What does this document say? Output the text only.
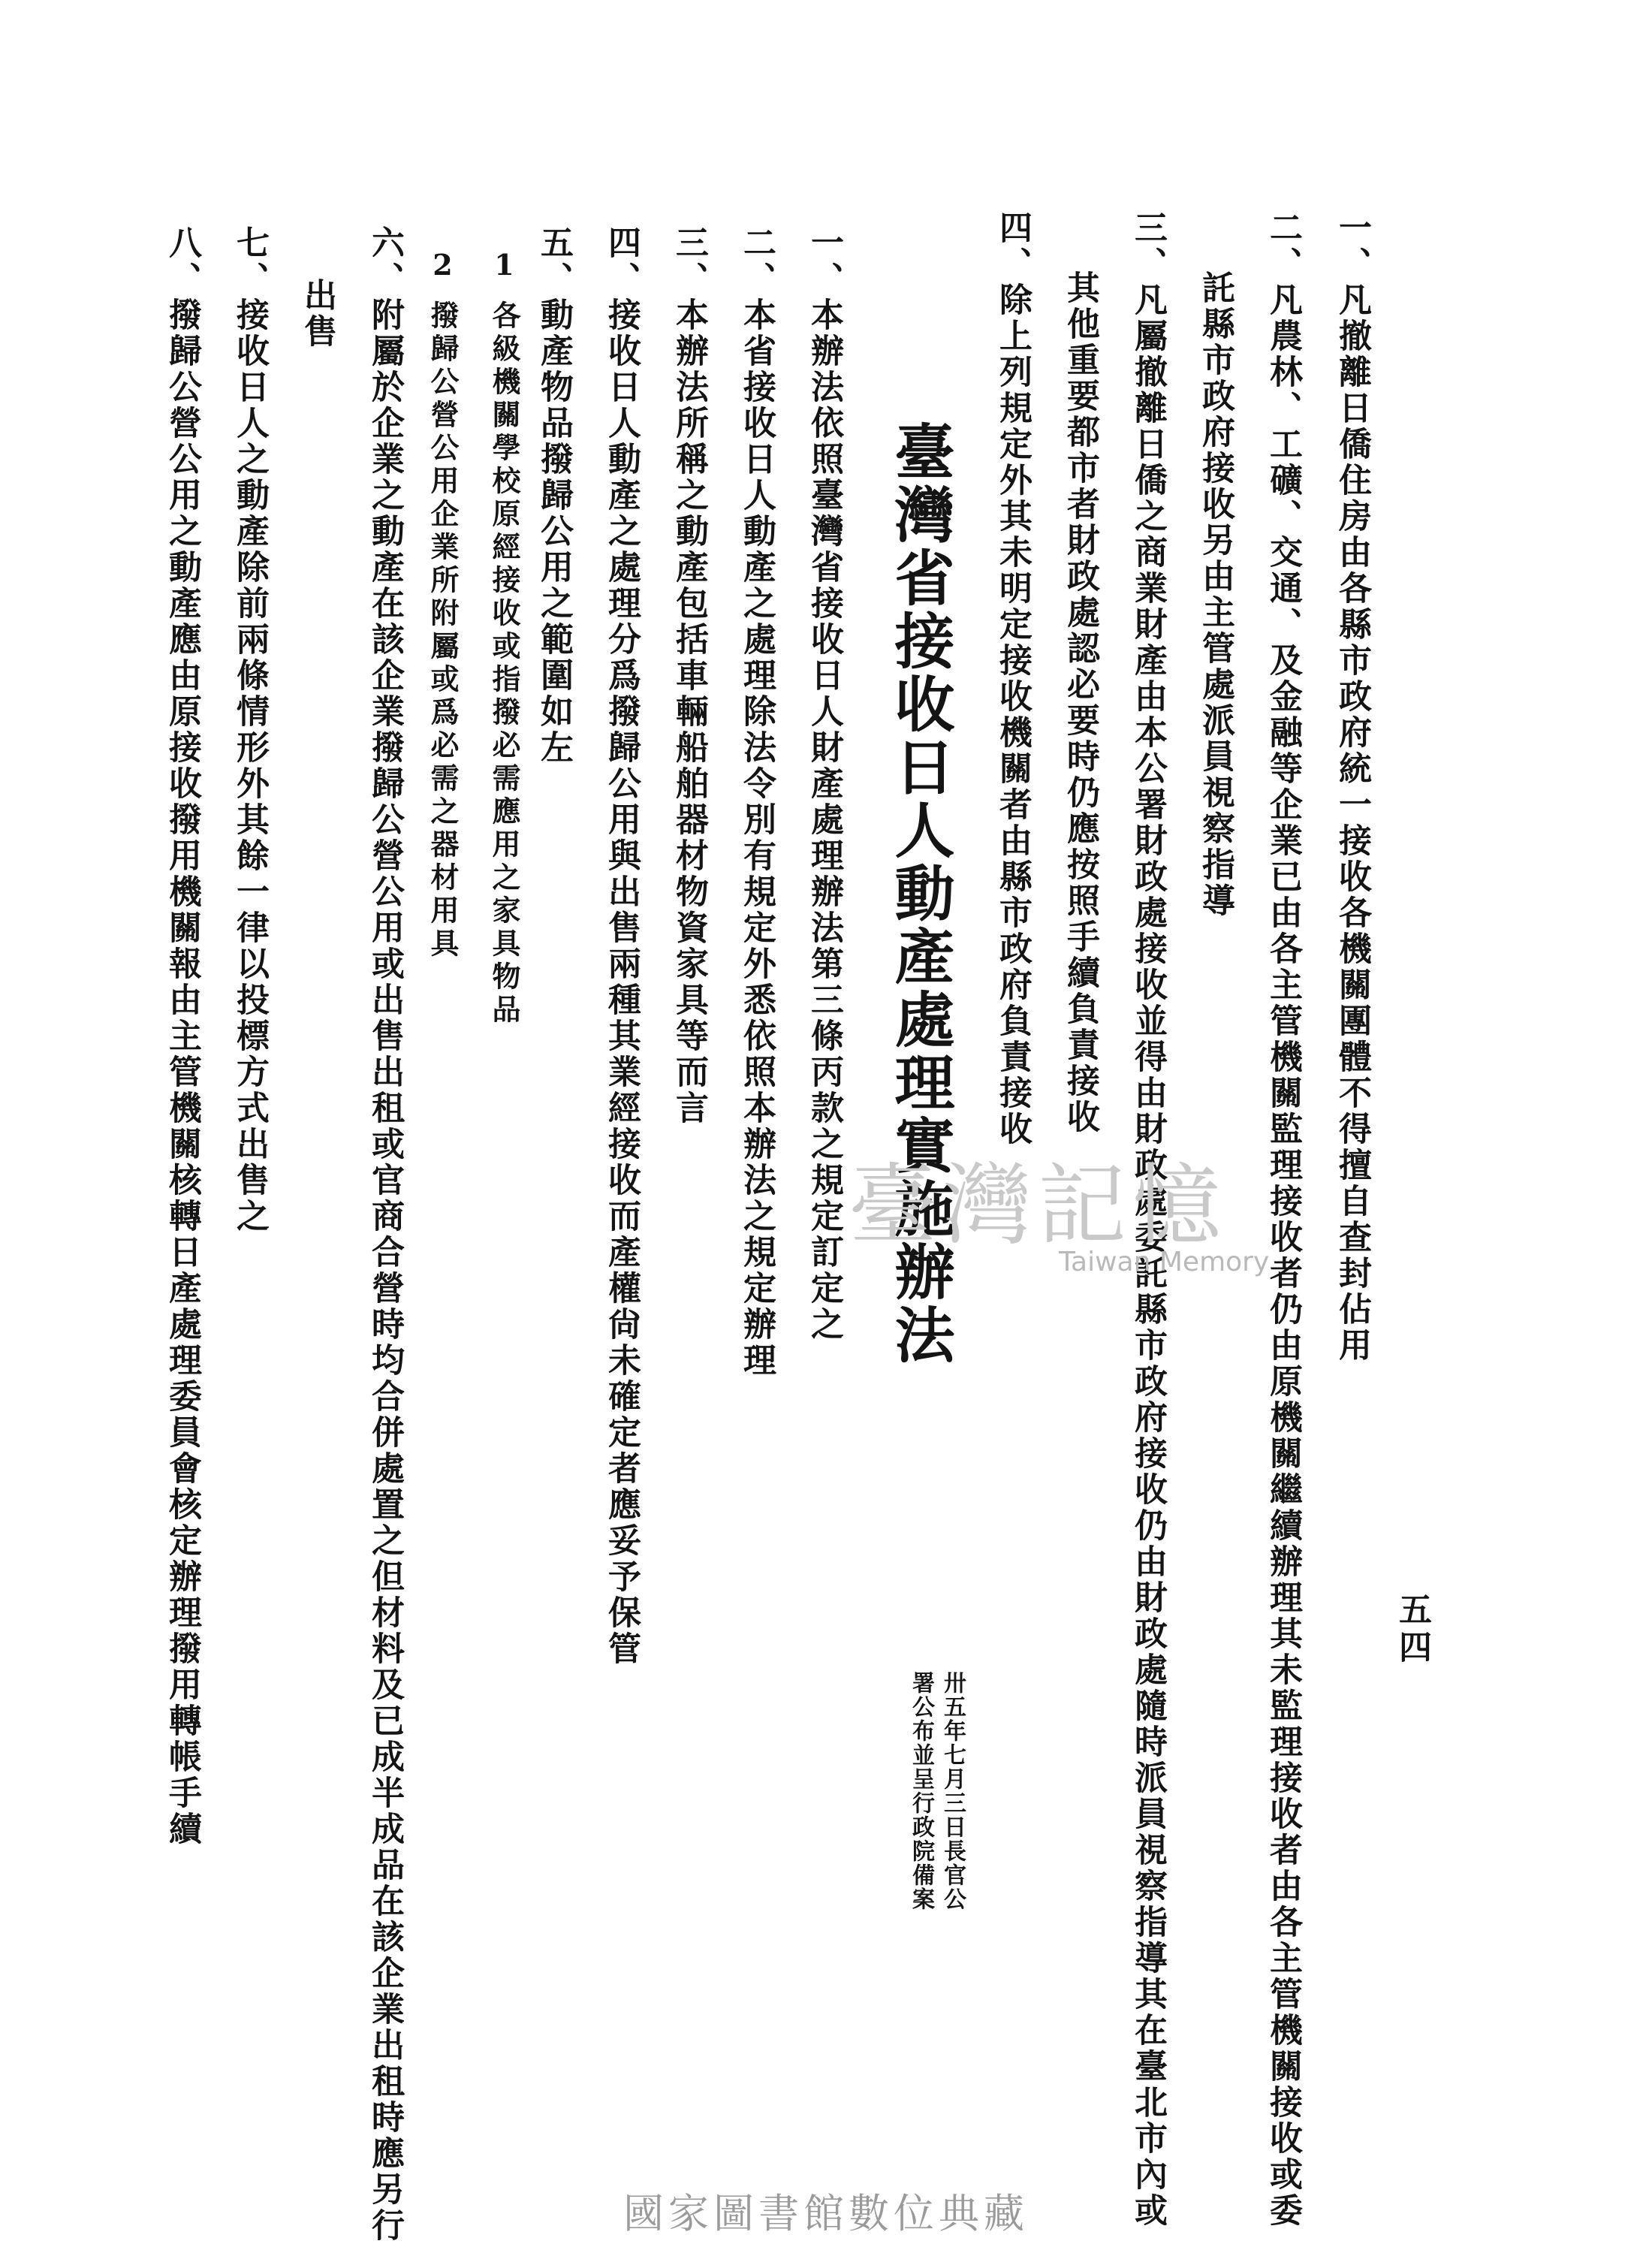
五四
一、凡撤離日僑住房由各縣市政府統一接收各機關團體不得擅自查封佔用
二、凡農林、工礦、交通、及金融等企業已由各主管機關監理接收者仍由原機關繼續辦理其未監理接收者由各主管機關接收或委
託縣市政府接收另由主管處派員視察指導
三、凡屬撤離日僑之商業財產由本公署財政處接收並得由財政處委託縣市政府接收仍由財政處隨時派員視察指導其在臺北市內或
其他重要都市者財政處認必要時仍應按照手續負責接收
四、除上列規定外其未明定接收機關者由縣市政府負責接收
臺灣省接收日人動產處理實施辦法
卅五年七月三日長官公
署公布並呈行政院備案
一、本辦法依照臺灣省接收日人財產處理辦法第三條丙款之規定訂定之
二、本省接收日人動產之處理除法令別有規定外悉依照本辦法之規定辦理
三、本辦法所稱之動產包括車輛船舶器材物資家具等而言
四、接收日人動產之處理分爲撥歸公用與出售兩種其業經接收而產權尙未確定者應妥予保管
五、動產物品撥歸公用之範圍如左
1
各級機關學校原經接收或指撥必需應用之家具物品
2
撥歸公營公用企業所附屬或爲必需之器材用具
六、附屬於企業之動產在該企業撥歸公營公用或出售出租或官商合營時均合併處置之但材料及已成半成品在該企業出租時應另行
出售
七、接收日人之動產除前兩條情形外其餘一律以投標方式出售之
八、撥歸公營公用之動產應由原接收撥用機關報由主管機關核轉日產處理委員會核定辦理撥用轉帳手續	臺灣記憶
Taiwan Memory
國家圖書館數位典藏
